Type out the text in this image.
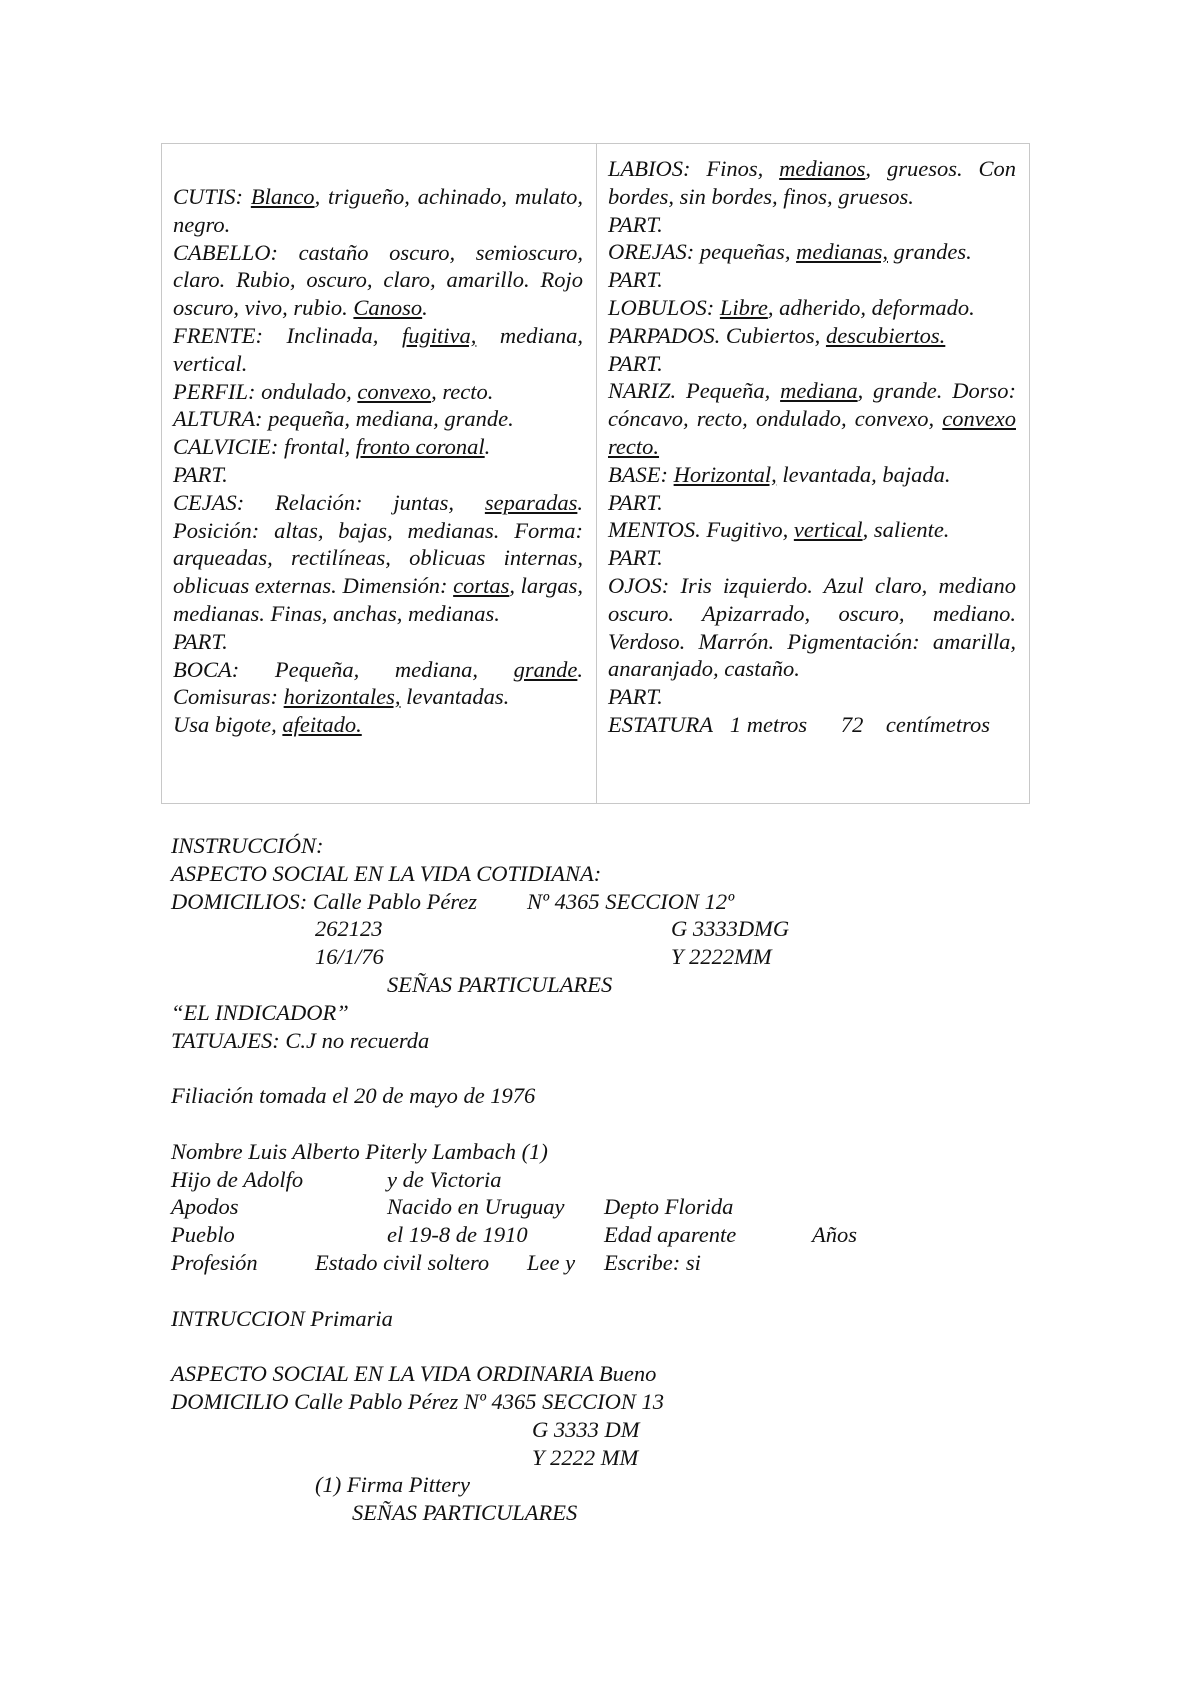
CUTIS: Blanco, trigueño, achinado, mulato, negro.

CABELLO: castaño oscuro, semioscuro, claro. Rubio, oscuro, claro, amarillo. Rojo oscuro, vivo, rubio. Canoso.

FRENTE: Inclinada, fugitiva, mediana, vertical.

PERFIL: ondulado, convexo, recto.

ALTURA: pequeña, mediana, grande.

CALVICIE: frontal, fronto coronal.

PART.

CEJAS: Relación: juntas, separadas. Posición: altas, bajas, medianas. Forma: arqueadas, rectilíneas, oblicuas internas, oblicuas externas. Dimensión: cortas, largas, medianas. Finas, anchas, medianas.

PART.

BOCA: Pequeña, mediana, grande. Comisuras: horizontales, levantadas.

Usa bigote, afeitado.

LABIOS: Finos, medianos, gruesos. Con bordes, sin bordes, finos, gruesos.

PART.

OREJAS: pequeñas, medianas, grandes.

PART.

LOBULOS: Libre, adherido, deformado.

PARPADOS. Cubiertos, descubiertos.

PART.

NARIZ. Pequeña, mediana, grande. Dorso: cóncavo, recto, ondulado, convexo, convexo recto.

BASE: Horizontal, levantada, bajada.

PART.

MENTOS. Fugitivo, vertical, saliente.

PART.

OJOS: Iris izquierdo. Azul claro, mediano oscuro. Apizarrado, oscuro, mediano. Verdoso. Marrón. Pigmentación: amarilla, anaranjado, castaño.

PART.

ESTATURA 1 metros 72 centímetros

INSTRUCCIÓN:

ASPECTO SOCIAL EN LA VIDA COTIDIANA:

DOMICILIOS: Calle Pablo Pérez Nº 4365 SECCION 12º
262123	G 3333DMG
16/1/76	Y 2222MM
SEÑAS PARTICULARES

“EL INDICADOR”

TATUAJES: C.J no recuerda

Filiación tomada el 20 de mayo de 1976

Nombre Luis Alberto Piterly Lambach (1)

Hijo de Adolfo	y de Victoria
Apodos	Nacido en Uruguay Depto Florida
Pueblo	el 19-8 de 1910	Edad aparente	Años
Profesión	Estado civil soltero Lee y Escribe: si

INTRUCCION Primaria

ASPECTO SOCIAL EN LA VIDA ORDINARIA Bueno

DOMICILIO Calle Pablo Pérez Nº 4365 SECCION 13

G 3333 DM
Y 2222 MM
(1) Firma Pittery
SEÑAS PARTICULARES
